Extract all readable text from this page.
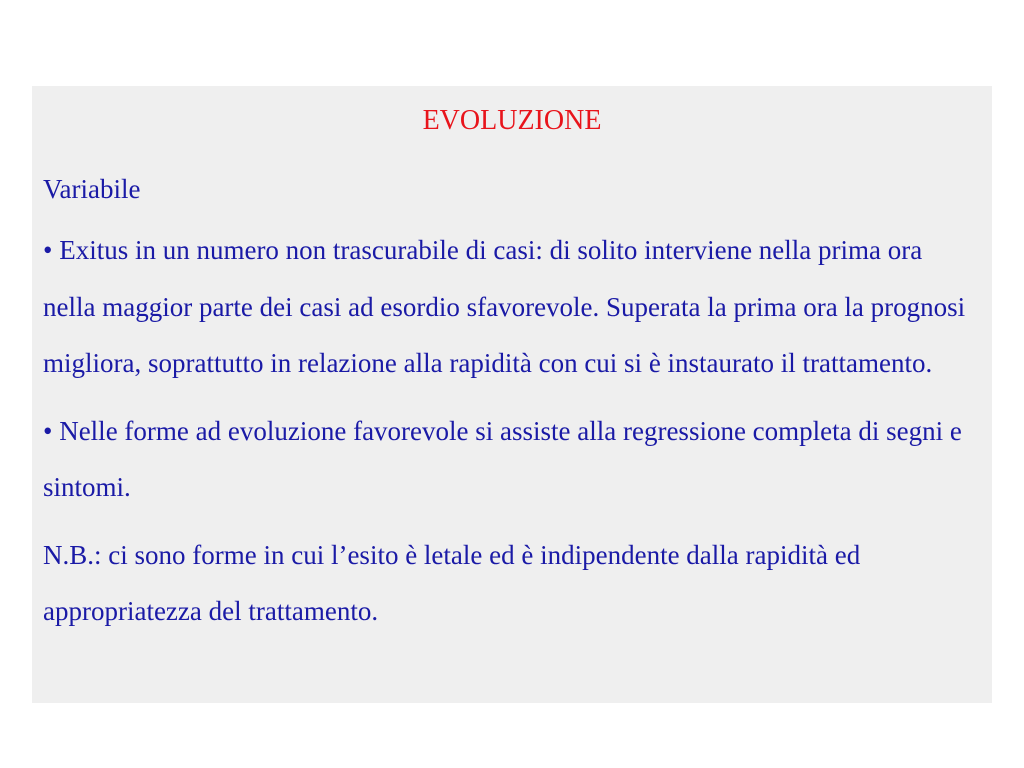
EVOLUZIONE
Variabile
• Exitus in un numero non trascurabile di casi: di solito interviene nella prima ora nella maggior parte dei casi ad esordio sfavorevole. Superata la prima ora la prognosi migliora, soprattutto in relazione alla rapidità con cui si è instaurato il trattamento.
• Nelle forme ad evoluzione favorevole si assiste alla regressione completa di segni e sintomi.
N.B.: ci sono forme in cui l’esito è letale ed è indipendente dalla rapidità ed appropriatezza del trattamento.
